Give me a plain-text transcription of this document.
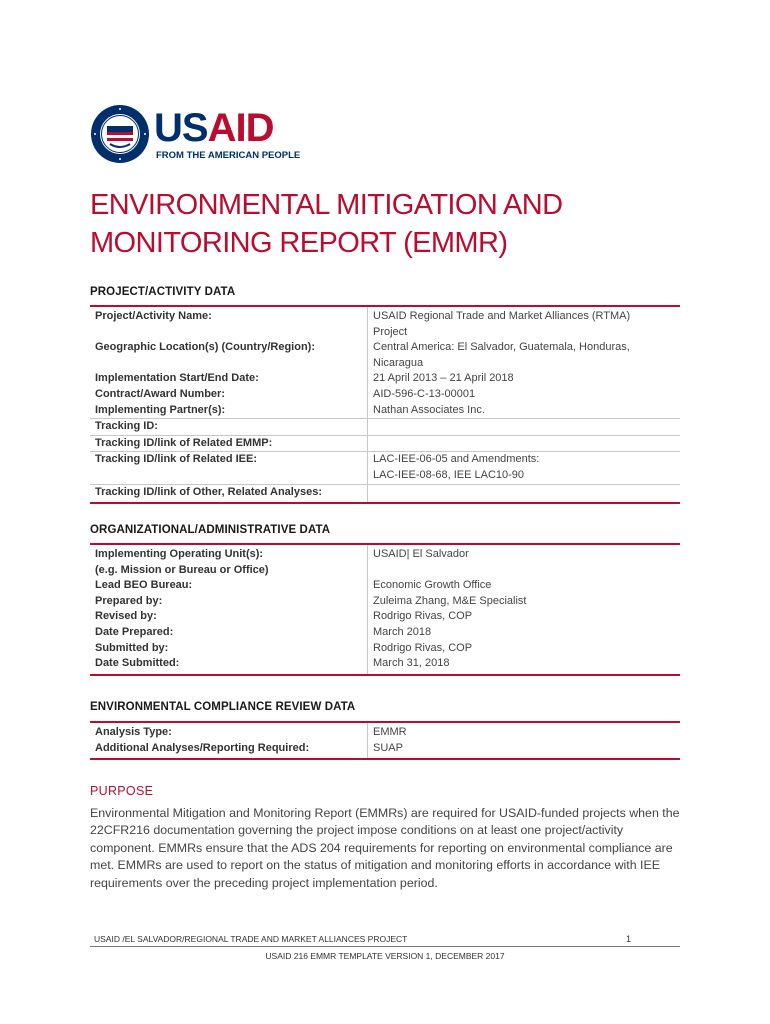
USAID
FROM THE AMERICAN PEOPLE
ENVIRONMENTAL MITIGATION AND
MONITORING REPORT (EMMR)
PROJECT/ACTIVITY DATA
Project/Activity Name:	USAID Regional Trade and Market Alliances (RTMA)
Project
Geographic Location(s) (Country/Region):	Central America: El Salvador, Guatemala, Honduras,
Nicaragua
Implementation Start/End Date:	21 April 2013 – 21 April 2018
Contract/Award Number:	AID-596-C-13-00001
Implementing Partner(s):	Nathan Associates Inc.
Tracking ID:	
Tracking ID/link of Related EMMP:	
Tracking ID/link of Related IEE:	LAC-IEE-06-05 and Amendments:
LAC-IEE-08-68, IEE LAC10-90
Tracking ID/link of Other, Related Analyses:	
ORGANIZATIONAL/ADMINISTRATIVE DATA
Implementing Operating Unit(s):
(e.g. Mission or Bureau or Office)	USAID| El Salvador
Lead BEO Bureau:	Economic Growth Office
Prepared by:	Zuleima Zhang, M&E Specialist
Revised by:	Rodrigo Rivas, COP
Date Prepared:	March 2018
Submitted by:	Rodrigo Rivas, COP
Date Submitted:	March 31, 2018
ENVIRONMENTAL COMPLIANCE REVIEW DATA
Analysis Type:	EMMR
Additional Analyses/Reporting Required:	SUAP
PURPOSE

Environmental Mitigation and Monitoring Report (EMMRs) are required for USAID-funded projects when the 22CFR216 documentation governing the project impose conditions on at least one project/activity component. EMMRs ensure that the ADS 204 requirements for reporting on environmental compliance are met. EMMRs are used to report on the status of mitigation and monitoring efforts in accordance with IEE requirements over the preceding project implementation period.

USAID /EL SALVADOR/REGIONAL TRADE AND MARKET ALLIANCES PROJECT	1
USAID 216 EMMR TEMPLATE VERSION 1, DECEMBER 2017
